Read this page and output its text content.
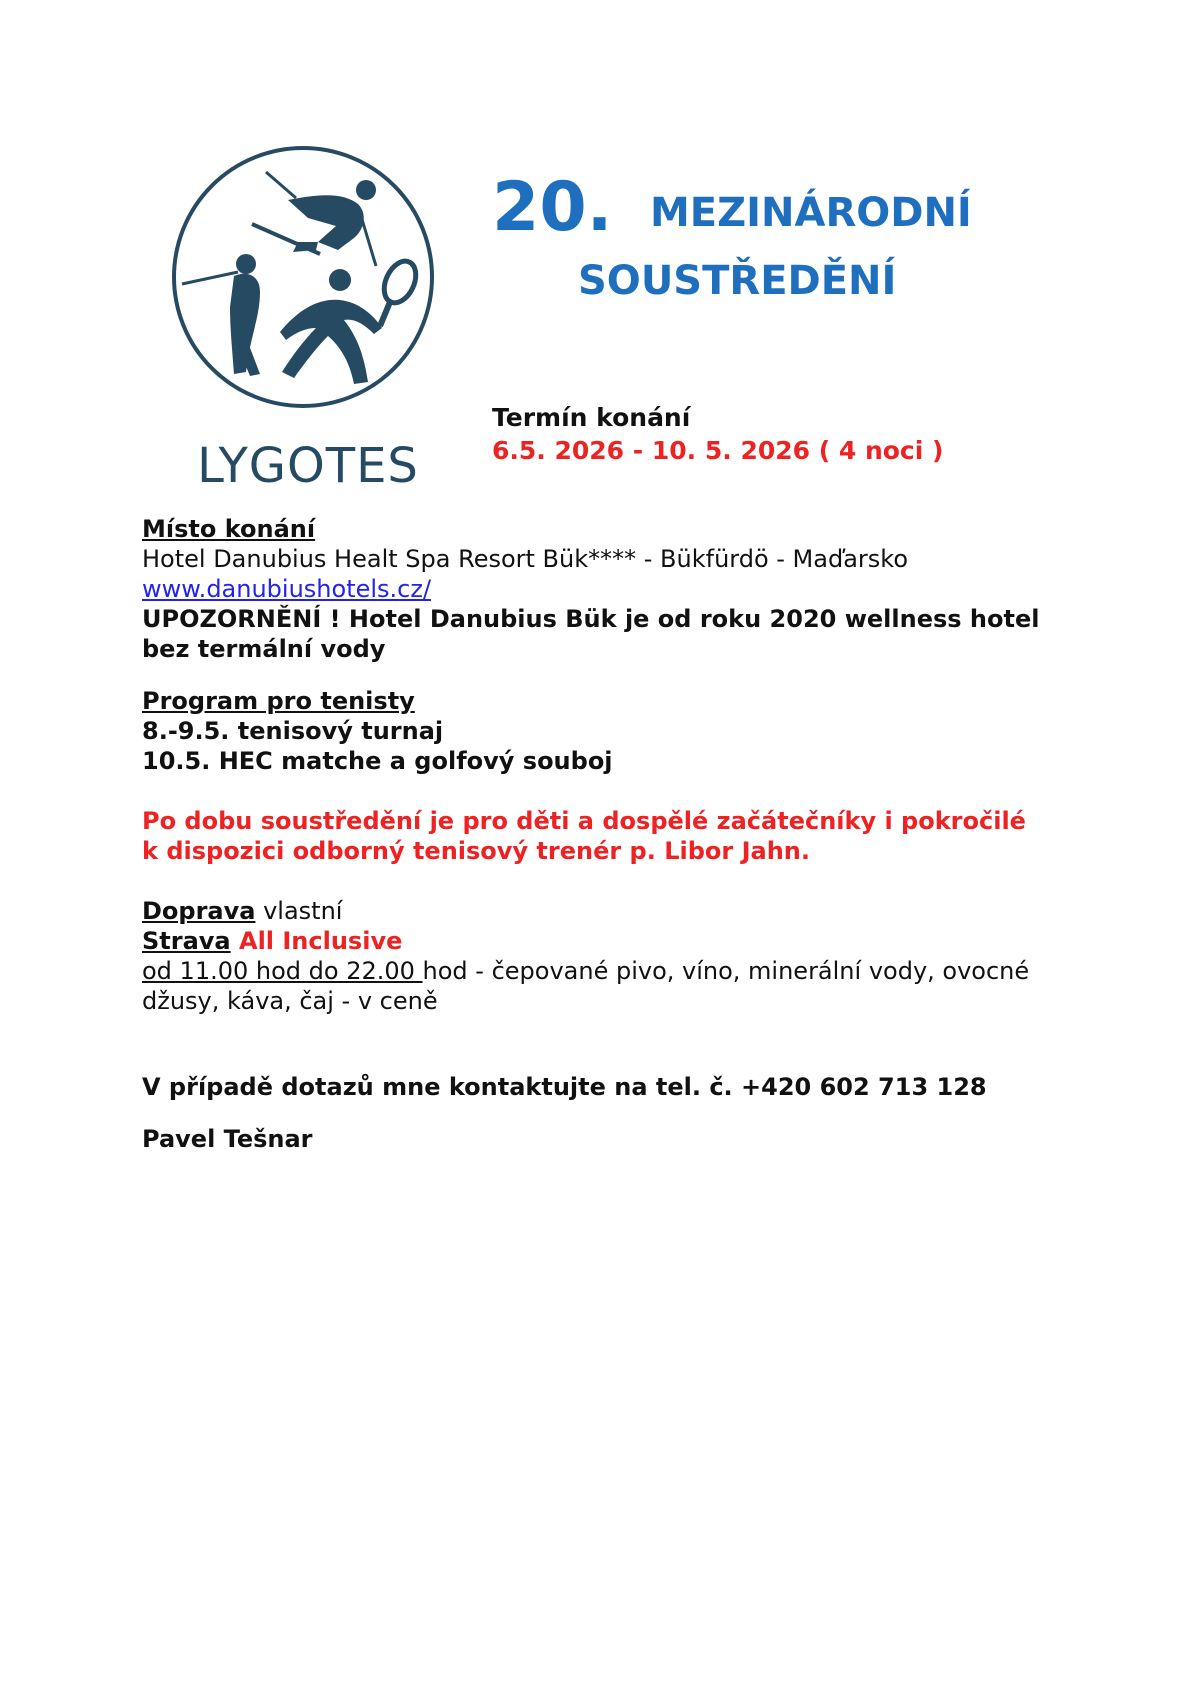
LYGOTES
20. MEZINÁRODNÍ
SOUSTŘEDĚNÍ
Termín konání
6.5. 2026 - 10. 5. 2026 ( 4 noci )
Místo konání
Hotel Danubius Healt Spa Resort Bük**** - Bükfürdö - Maďarsko
www.danubiushotels.cz/
UPOZORNĚNÍ ! Hotel Danubius Bük je od roku 2020 wellness hotel
bez termální vody
Program pro tenisty
8.-9.5. tenisový turnaj
10.5. HEC matche a golfový souboj
Po dobu soustředění je pro děti a dospělé začátečníky i pokročilé
k dispozici odborný tenisový trenér p. Libor Jahn.
Doprava vlastní
Strava All Inclusive
od 11.00 hod do 22.00 hod - čepované pivo, víno, minerální vody, ovocné
džusy, káva, čaj - v ceně
V případě dotazů mne kontaktujte na tel. č. +420 602 713 128
Pavel Tešnar
